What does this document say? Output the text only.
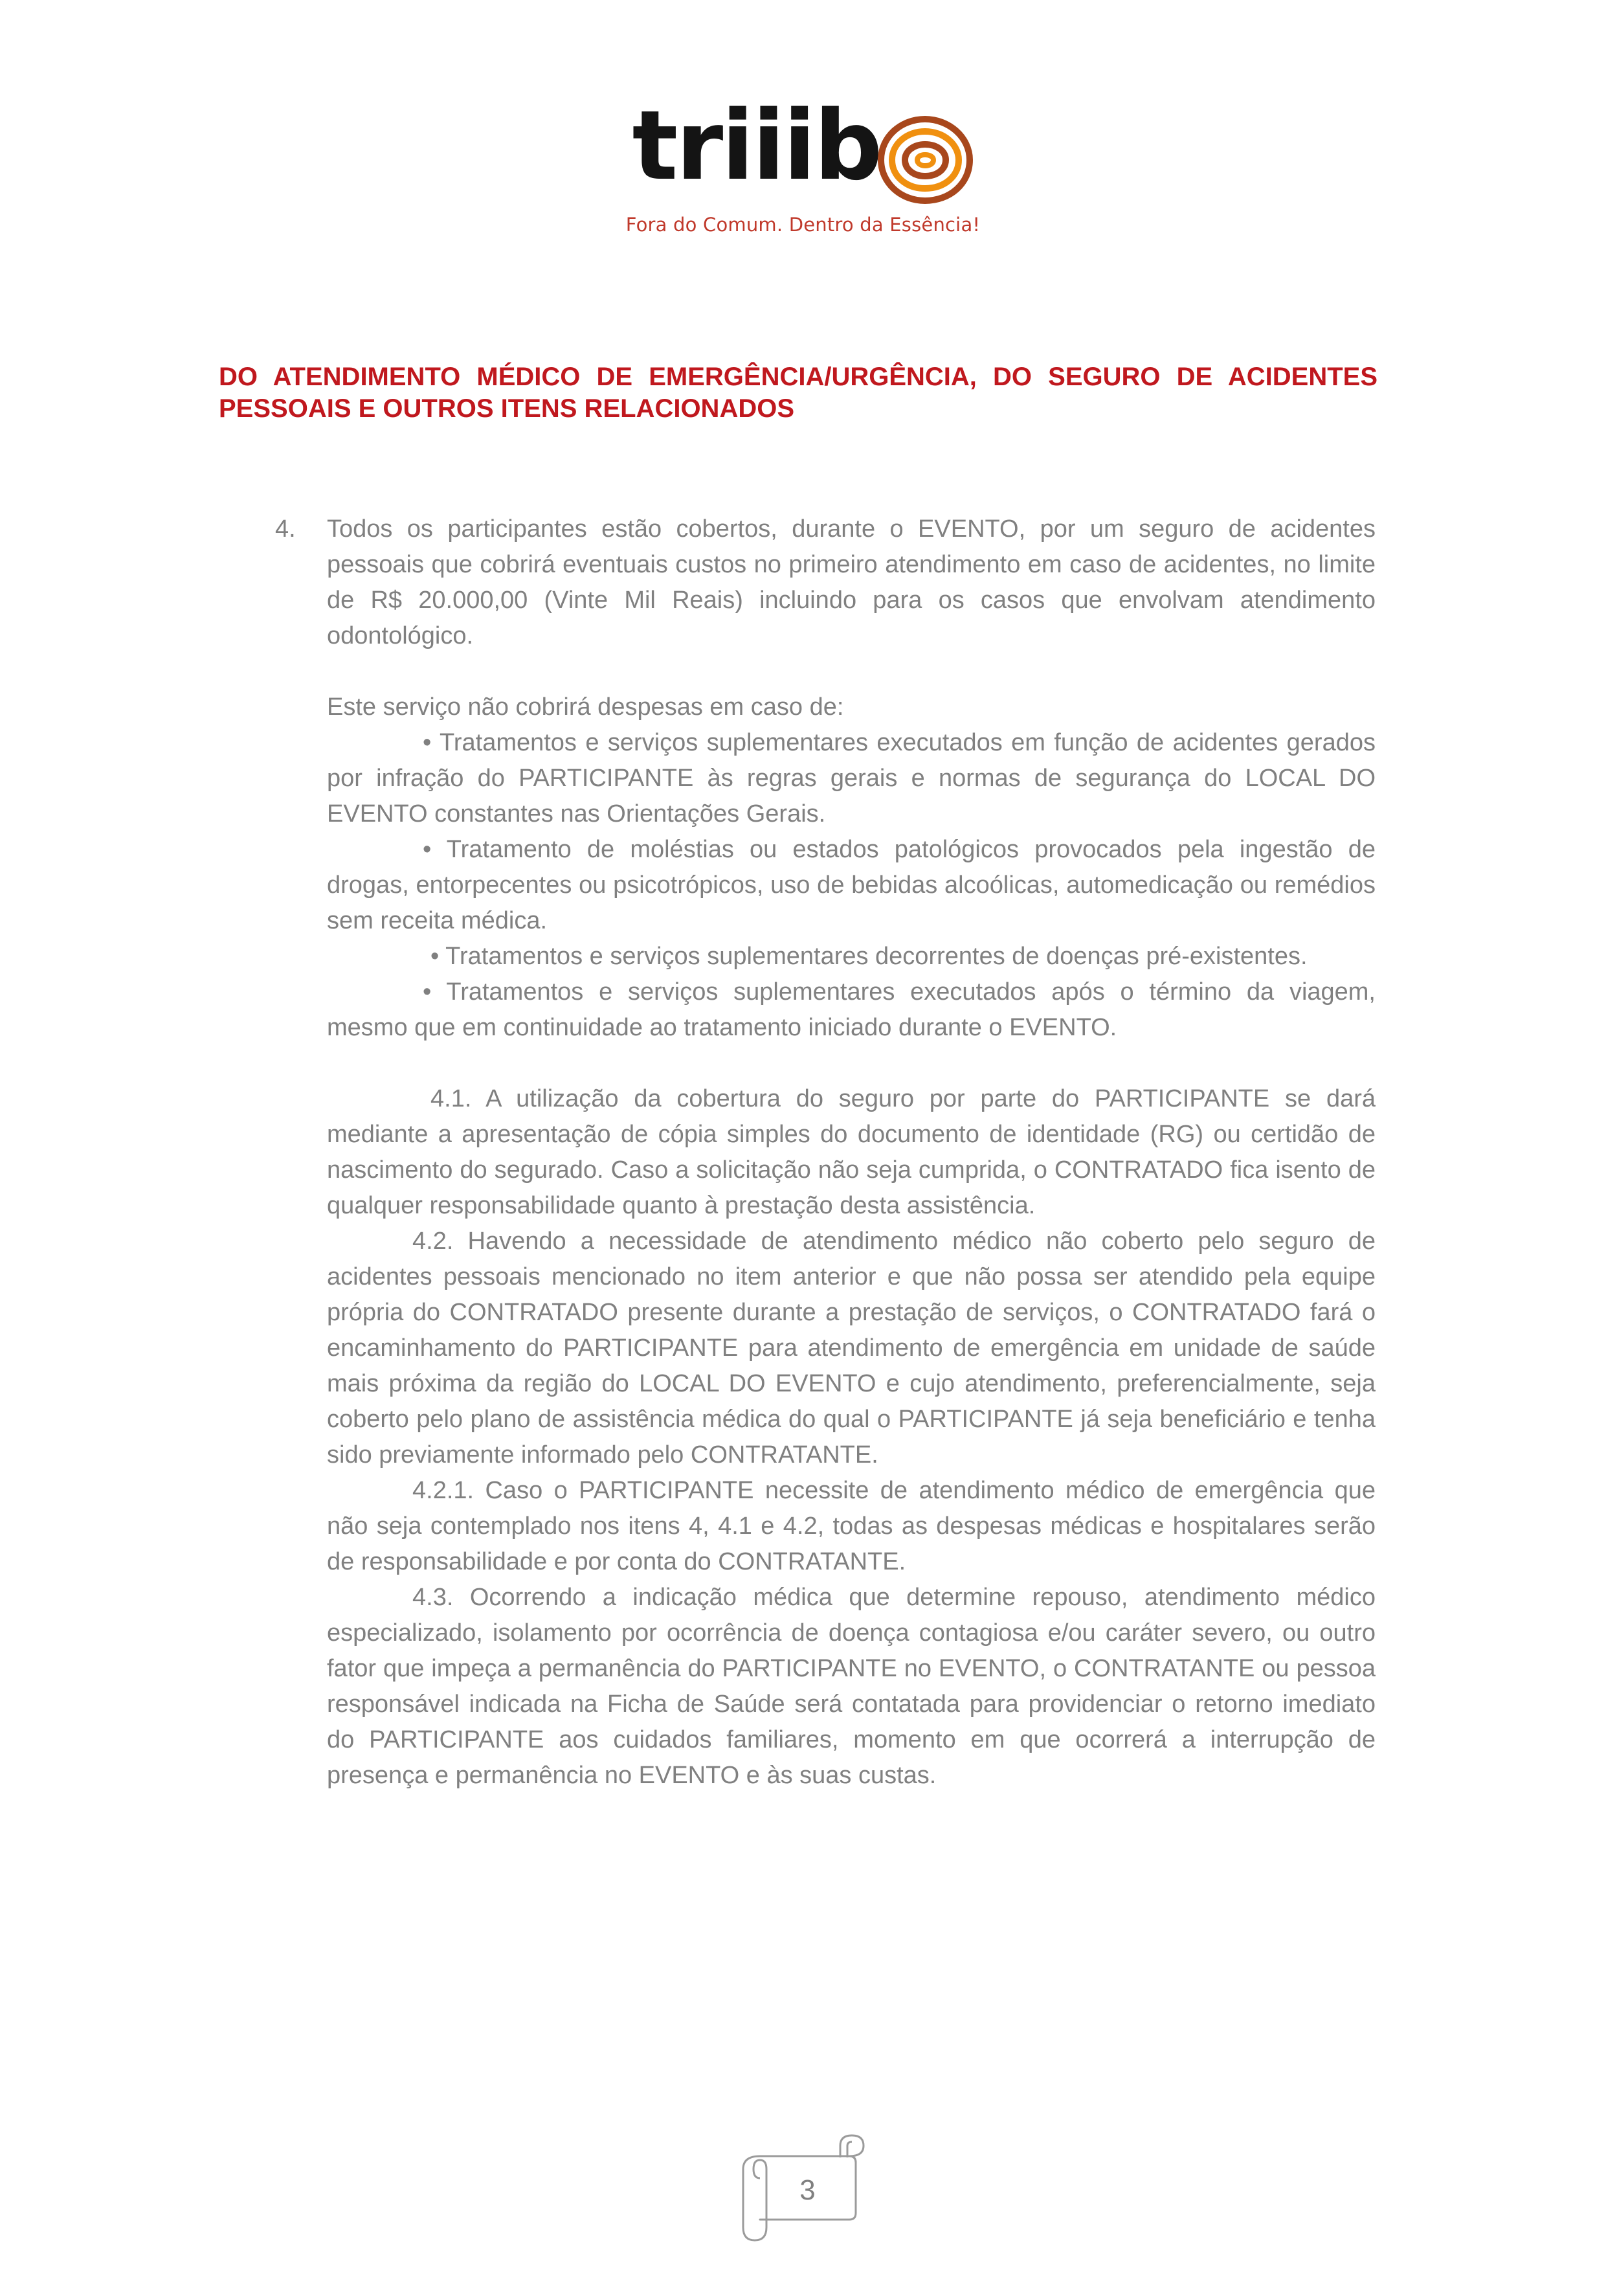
triiib
Fora do Comum. Dentro da Essência!
DO ATENDIMENTO MÉDICO DE EMERGÊNCIA/URGÊNCIA, DO SEGURO DE ACIDENTES PESSOAIS E OUTROS ITENS RELACIONADOS

4.	Todos os participantes estão cobertos, durante o EVENTO, por um seguro de acidentes pessoais que cobrirá eventuais custos no primeiro atendimento em caso de acidentes, no limite de R$ 20.000,00 (Vinte Mil Reais) incluindo para os casos que envolvam atendimento odontológico.

Este serviço não cobrirá despesas em caso de:

• Tratamentos e serviços suplementares executados em função de acidentes gerados por infração do PARTICIPANTE às regras gerais e normas de segurança do LOCAL DO EVENTO constantes nas Orientações Gerais.

• Tratamento de moléstias ou estados patológicos provocados pela ingestão de drogas, entorpecentes ou psicotrópicos, uso de bebidas alcoólicas, automedicação ou remédios sem receita médica.

• Tratamentos e serviços suplementares decorrentes de doenças pré-existentes.

• Tratamentos e serviços suplementares executados após o término da viagem, mesmo que em continuidade ao tratamento iniciado durante o EVENTO.

4.1. A utilização da cobertura do seguro por parte do PARTICIPANTE se dará mediante a apresentação de cópia simples do documento de identidade (RG) ou certidão de nascimento do segurado. Caso a solicitação não seja cumprida, o CONTRATADO fica isento de qualquer responsabilidade quanto à prestação desta assistência.

4.2. Havendo a necessidade de atendimento médico não coberto pelo seguro de acidentes pessoais mencionado no item anterior e que não possa ser atendido pela equipe própria do CONTRATADO presente durante a prestação de serviços, o CONTRATADO fará o encaminhamento do PARTICIPANTE para atendimento de emergência em unidade de saúde mais próxima da região do LOCAL DO EVENTO e cujo atendimento, preferencialmente, seja coberto pelo plano de assistência médica do qual o PARTICIPANTE já seja beneficiário e tenha sido previamente informado pelo CONTRATANTE.

4.2.1. Caso o PARTICIPANTE necessite de atendimento médico de emergência que não seja contemplado nos itens 4, 4.1 e 4.2, todas as despesas médicas e hospitalares serão de responsabilidade e por conta do CONTRATANTE.

4.3. Ocorrendo a indicação médica que determine repouso, atendimento médico especializado, isolamento por ocorrência de doença contagiosa e/ou caráter severo, ou outro fator que impeça a permanência do PARTICIPANTE no EVENTO, o CONTRATANTE ou pessoa responsável indicada na Ficha de Saúde será contatada para providenciar o retorno imediato do PARTICIPANTE aos cuidados familiares, momento em que ocorrerá a interrupção de presença e permanência no EVENTO e às suas custas.

3
